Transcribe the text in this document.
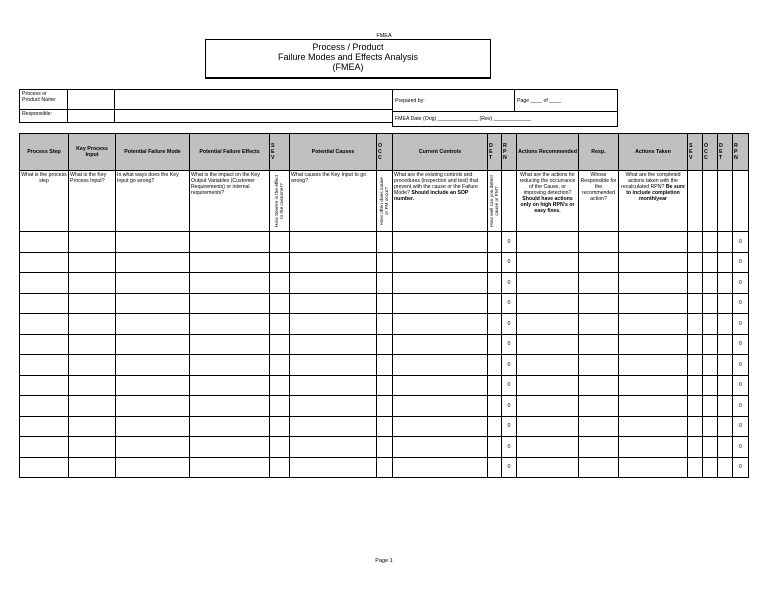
FMEA
Process / Product
Failure Modes and Effects Analysis
(FMEA)
Process or Product Name:		
Responsible:		
Prepared by:	Page ____ of ____
FMEA Date (Orig) ______________ (Rev) _____________
Process Step	Key Process Input	Potential Failure Mode	Potential Failure Effects	S E V	Potential Causes	O C C	Current Controls	D E T	R P N	Actions Recommended	Resp.	Actions Taken	S E V	O C C	D E T	R P N
What is the process step	What is the Key Process Input?	In what ways does the Key Input go wrong?	What is the impact on the Key Output Variables (Customer Requirements) or internal requirements?	How Severe is the effect to the customer?	What causes the Key Input to go wrong?	How often does cause or FM occur?	What are the existing controls and procedures (inspection and test) that prevent with the cause or the Failure Mode? Should include an SOP number.	How well can you detect cause or FM?		What are the actions for reducing the occurrance of the Cause, or improving detection? Should have actions only on high RPN's or easy fixes.	Whose Responsible for the recommended action?	What are the completed actions taken with the recalculated RPN? Be sure to include completion month/year				
									0							0
									0							0
									0							0
									0							0
									0							0
									0							0
									0							0
									0							0
									0							0
									0							0
									0							0
									0							0
Page 1
